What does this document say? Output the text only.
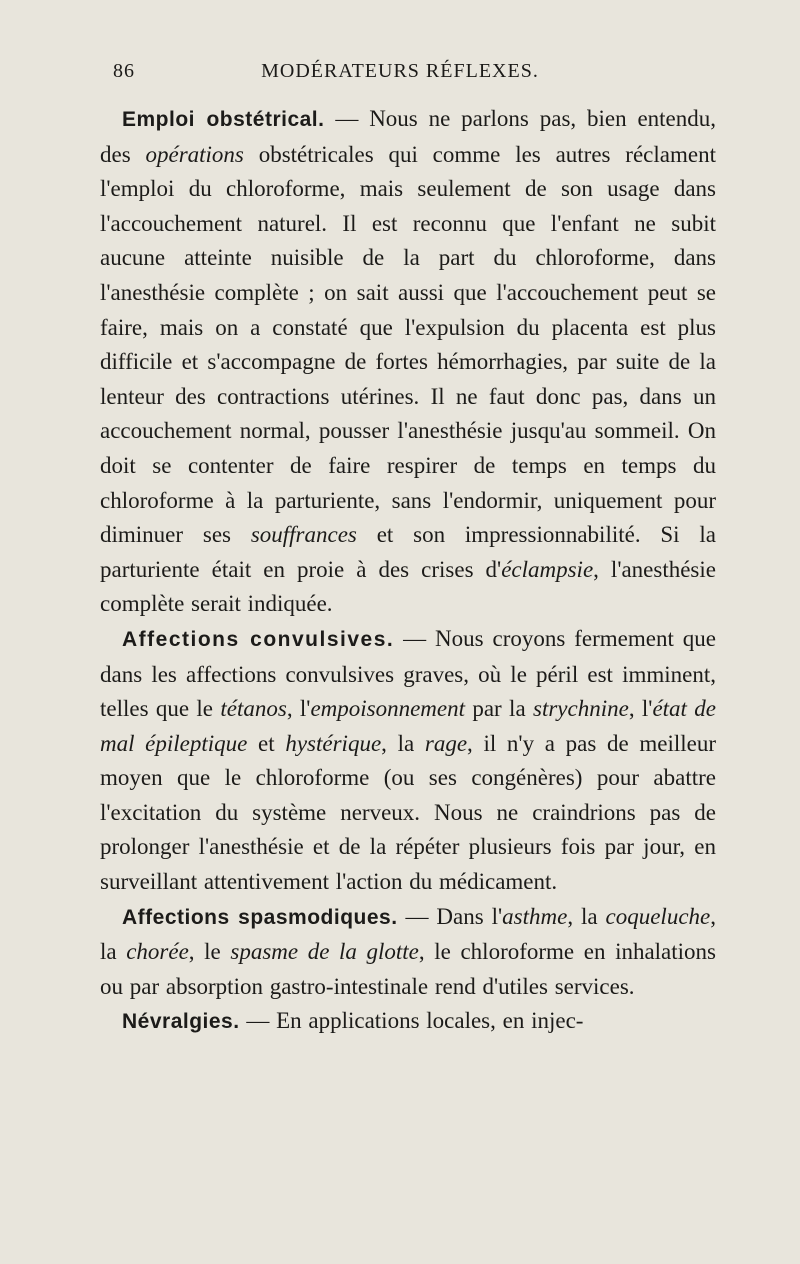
86	MODÉRATEURS RÉFLEXES.

Emploi obstétrical. — Nous ne parlons pas, bien entendu, des opérations obstétricales qui comme les autres réclament l'emploi du chloroforme, mais seulement de son usage dans l'accouchement naturel. Il est reconnu que l'enfant ne subit aucune atteinte nuisible de la part du chloroforme, dans l'anesthésie complète ; on sait aussi que l'accouchement peut se faire, mais on a constaté que l'expulsion du placenta est plus difficile et s'accompagne de fortes hémorrhagies, par suite de la lenteur des contractions utérines. Il ne faut donc pas, dans un accouchement normal, pousser l'anesthésie jusqu'au sommeil. On doit se contenter de faire respirer de temps en temps du chloroforme à la parturiente, sans l'endormir, uniquement pour diminuer ses souffrances et son impressionnabilité. Si la parturiente était en proie à des crises d'éclampsie, l'anesthésie complète serait indiquée.

Affections convulsives. — Nous croyons fermement que dans les affections convulsives graves, où le péril est imminent, telles que le tétanos, l'empoisonnement par la strychnine, l'état de mal épileptique et hystérique, la rage, il n'y a pas de meilleur moyen que le chloroforme (ou ses congénères) pour abattre l'excitation du système nerveux. Nous ne craindrions pas de prolonger l'anesthésie et de la répéter plusieurs fois par jour, en surveillant attentivement l'action du médicament.

Affections spasmodiques. — Dans l'asthme, la coqueluche, la chorée, le spasme de la glotte, le chloroforme en inhalations ou par absorption gastro-intestinale rend d'utiles services.

Névralgies. — En applications locales, en injec-
